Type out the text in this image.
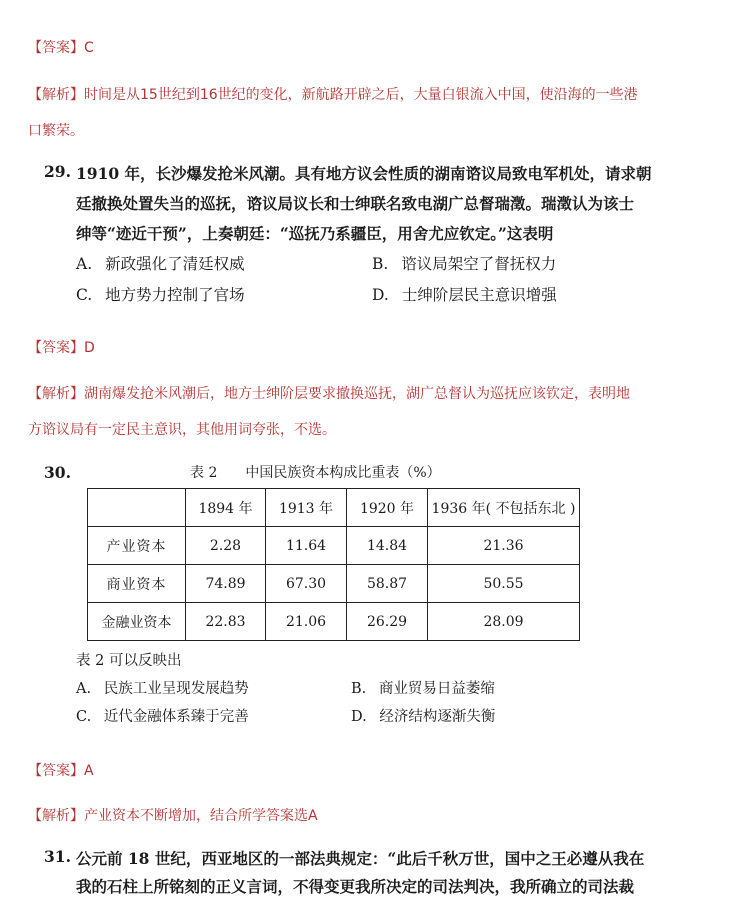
【答案】C
【解析】时间是从15世纪到16世纪的变化，新航路开辟之后，大量白银流入中国，使沿海的一些港
口繁荣。
29. 1910 年，长沙爆发抢米风潮。具有地方议会性质的湖南谘议局致电军机处，请求朝
廷撤换处置失当的巡抚，谘议局议长和士绅联名致电湖广总督瑞澂。瑞澂认为该士
绅等“迹近干预”，上奏朝廷：“巡抚乃系疆臣，用舍尤应钦定。”这表明
A. 新政强化了清廷权威	B. 谘议局架空了督抚权力
C. 地方势力控制了官场	D. 士绅阶层民主意识增强
【答案】D
【解析】湖南爆发抢米风潮后，地方士绅阶层要求撤换巡抚，湖广总督认为巡抚应该钦定，表明地
方谘议局有一定民主意识，其他用词夸张，不选。
30.	表 2　　中国民族资本构成比重表（%）
	1894 年	1913 年	1920 年	1936 年( 不包括东北 )
产业资本	2.28	11.64	14.84	21.36
商业资本	74.89	67.30	58.87	50.55
金融业资本	22.83	21.06	26.29	28.09
表 2 可以反映出
A. 民族工业呈现发展趋势	B. 商业贸易日益萎缩
C. 近代金融体系臻于完善	D. 经济结构逐渐失衡
【答案】A
【解析】产业资本不断增加，结合所学答案选A
31. 公元前 18 世纪，西亚地区的一部法典规定：“此后千秋万世，国中之王必遵从我在
我的石柱上所铭刻的正义言词，不得变更我所决定的司法判决，我所确立的司法裁
